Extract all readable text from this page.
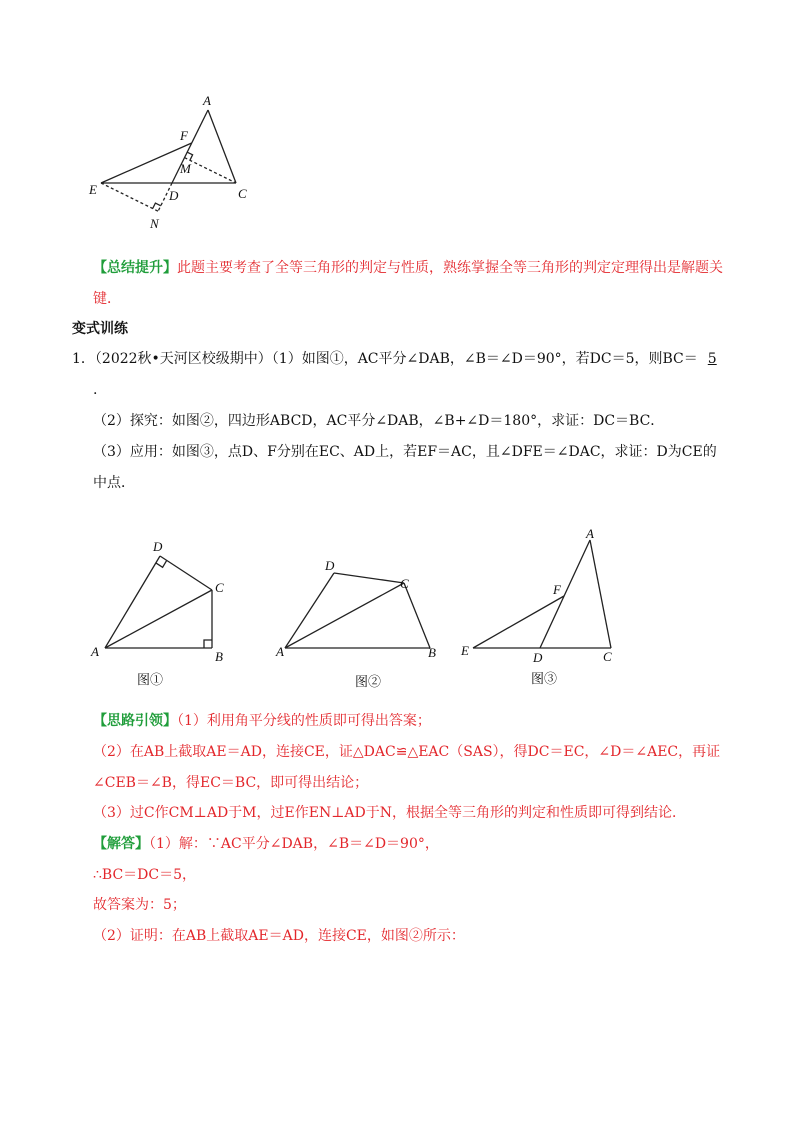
A
F
M
E	D	C
N
【总结提升】此题主要考查了全等三角形的判定与性质，熟练掌握全等三角形的判定定理得出是解题关
键．
变式训练
1．（2022秋•天河区校级期中）（1）如图①，AC平分∠DAB，∠B＝∠D＝90°，若DC＝5，则BC＝ 5
.
（2）探究：如图②，四边形ABCD，AC平分∠DAB，∠B+∠D＝180°，求证：DC＝BC．
（3）应用：如图③，点D、F分别在EC、AD上，若EF＝AC，且∠DFE＝∠DAC，求证：D为CE的
中点．
D
C
A	B
D
C
A	B
A
F
E	D	C
图①	图②	图③
【思路引领】（1）利用角平分线的性质即可得出答案；
（2）在AB上截取AE＝AD，连接CE，证△DAC≌△EAC（SAS），得DC＝EC，∠D＝∠AEC，再证
∠CEB＝∠B，得EC＝BC，即可得出结论；
（3）过C作CM⊥AD于M，过E作EN⊥AD于N，根据全等三角形的判定和性质即可得到结论．
【解答】（1）解：∵AC平分∠DAB，∠B＝∠D＝90°，
∴BC＝DC＝5，
故答案为：5；
（2）证明：在AB上截取AE＝AD，连接CE，如图②所示：
